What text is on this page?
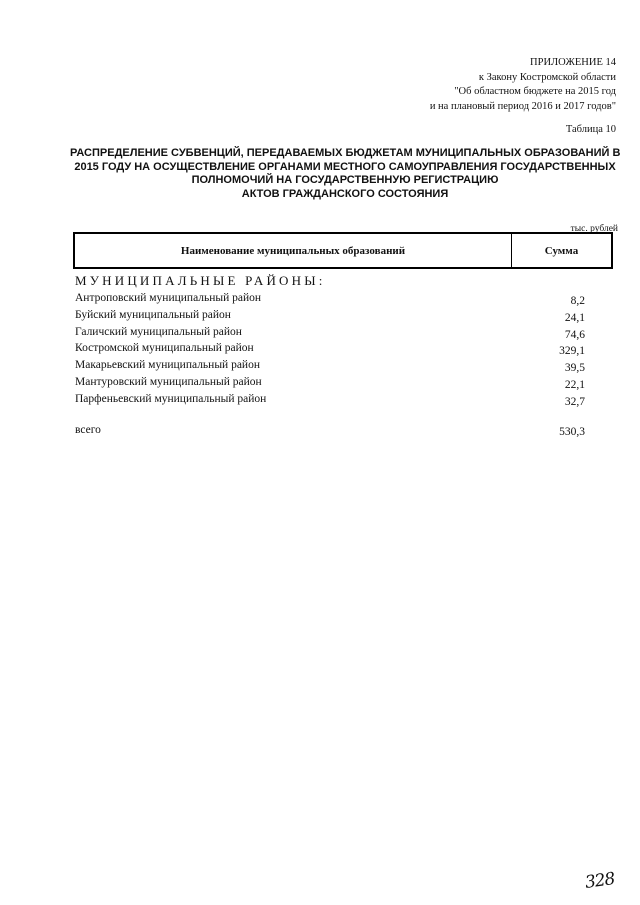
ПРИЛОЖЕНИЕ 14
к Закону Костромской области
"Об областном бюджете на 2015 год
и на плановый период 2016 и 2017 годов"
Таблица 10
РАСПРЕДЕЛЕНИЕ СУБВЕНЦИЙ, ПЕРЕДАВАЕМЫХ БЮДЖЕТАМ МУНИЦИПАЛЬНЫХ ОБРАЗОВАНИЙ В
2015 ГОДУ НА ОСУЩЕСТВЛЕНИЕ ОРГАНАМИ МЕСТНОГО САМОУПРАВЛЕНИЯ ГОСУДАРСТВЕННЫХ
ПОЛНОМОЧИЙ НА ГОСУДАРСТВЕННУЮ РЕГИСТРАЦИЮ
АКТОВ ГРАЖДАНСКОГО СОСТОЯНИЯ
тыс. рублей
Наименование муниципальных образований	Сумма
МУНИЦИПАЛЬНЫЕ РАЙОНЫ:
Антроповский муниципальный район	8,2
Буйский муниципальный район	24,1
Галичский муниципальный район	74,6
Костромской муниципальный район	329,1
Макарьевский муниципальный район	39,5
Мантуровский муниципальный район	22,1
Парфеньевский муниципальный район	32,7
всего	530,3
328
